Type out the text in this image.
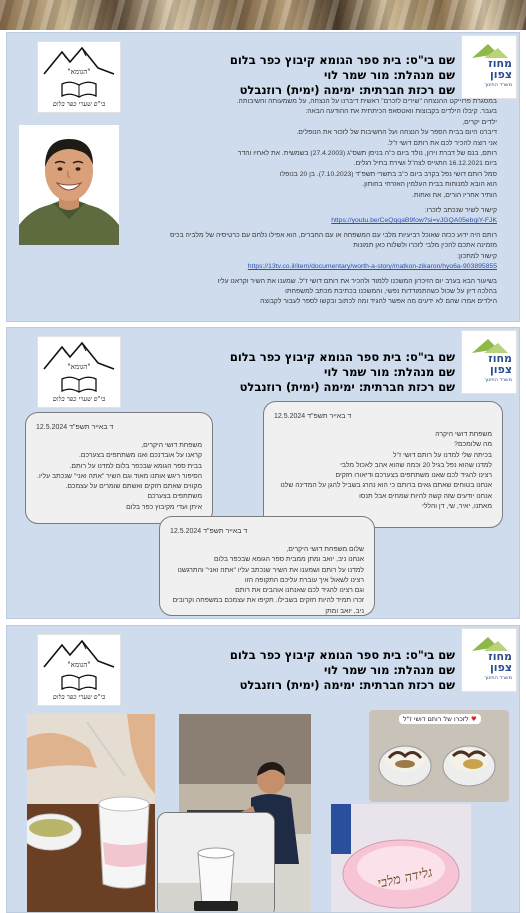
"הגומא"
בי"ס שערי כפר בלום
מחוז
צפון
משרד החינוך
שם בי"ס: בית ספר הגומא קיבוץ כפר בלום
שם מנהלת: מור שמר לוי
שם רכזת חברתית: ימימה (ימית) רוזנבלט
במסגרת פרוייקט ההנצחה "שירים לזכרם" ראשית דיברנו על הנצחה, על משמעותה וחשיבותה.
בעבר. קיבלו הילדים בקבוצות וואטסאפ הכיתתית את ההודעה הבאה:
ילדים יקרים,
דיברנו היום בבית הספר על הנצחה ועל החשיבות של לזכור את הנופלים.
אני רוצה להכיר לכם את רותם דושי ז"ל.
רותם, בנם של דברת וירון, נולד ביום כ"ה בניסן תשס"ג (27.4.2003) בשמשית. את לאחיו והדר
ביום 16.12.2021 התגייס לצה"ל ושירת בחיל רגלים.
סמל רותם דושי נפל בקרב ביום כ"ב בתשרי תשפ"ד (7.10.2023). בן 20 בנופלו
הוא הובא למנוחות בבית העלמין האזרחי בחותון.
הותיר אחריו הורים, אח ואחות.
קישור לשיר שנכתב לזכרו:
https://youtu.be/CeQqqaB9fow?si=vJGQA05ebqiY-FJK
רותם היה ידוע ככזה שאוכל רביעיות מלבי עם המשפחה או עם החברים, הוא אפילו נלחם עם כרטיסיה של מלביה בכיס
מזמינה אתכם להכין מלבי לזכרו ולשלוח כאן תמונות
קישור למתכון:
https://13tv.co.il/item/documentary/worth-a-story/matkon-zikaron/hyo6a-903895855
בשיעור הבא בערב יום הזיכרון המשכנו ללמוד ולהכיר את רותם דושי ז"ל. שמענו את השיר וקראנו עליו
בהלכה דיון על שכול כשהתמודדות נפשי, והמשכנו בכתיבת מכתב למשפחתו
הילדים אמרו שהם לא ידעים מה אפשר להגיד ומה לכתוב ובקשו לספר לעבור לקבוצה
"הגומא"
בי"ס שערי כפר בלום
מחוז
צפון
משרד החינוך
שם בי"ס: בית ספר הגומא קיבוץ כפר בלום
שם מנהלת: מור שמר לוי
שם רכזת חברתית: ימימה (ימית) רוזנבלט
ד באייר תשפ"ד 12.5.2024
משפחת דושי היקרה
מה שלומכם?
בכיתה שלי למדנו על רותם דושי ז"ל
למדנו שהוא נפל בגיל 20 וכמה שהוא אהב לאכול מלבי
רצינו להגיד לכם שאנו משתתפים בצערכם ודיאורו חזקים
אנחנו בטוחים שאתם גאים ברותם כי הוא נהרג בשביל להגן על המדינה שלנו
אנחנו יודעים שזה קשה להיות שמחים אבל תנסו
מאתנו, יאיר, שי, דן והללי
ד באייר תשפ"ד 12.5.2024
משפחת דושי היקרים,
קראנו על אובדנכם ואנו משתתפים בצערכם.
בבית ספר הגומא שבכפר בלום למדנו על רותם.
הסיפור ריגש אותנו מאוד וגם השיר "אתה ואני" שנכתב עליו.
מקווים שאתם חזקים ואשתם שומרים על עצמכם.
משתתפים בצערכם
איתן ועדי מקיבוץ כפר בלום
ד באייר תשפ"ד 12.5.2024
שלום משפחת דושי היקרים,
אנחנו ניב, יואב ומתן ממבית ספר הגומא שבכפר בלום
למדנו על רותם ושמענו את השיר שנכתב עליו "אתה ואני" והתרגשנו
רצינו לשאול איך עוברת עליכם התקופה הזו
וגם רצינו להגיד לכם שאנחנו אוהבים את רותם
זכרו תמיד להיות חזקים בשבילו. תקיפו את עצמכם במשפחה וקרובים
ניב, יואב ומתן
"הגומא"
בי"ס שערי כפר בלום
מחוז
צפון
משרד החינוך
שם בי"ס: בית ספר הגומא קיבוץ כפר בלום
שם מנהלת: מור שמר לוי
שם רכזת חברתית: ימימה (ימית) רוזנבלט
♥ לזכרו של רותם דושי ז"ל
גלידה מלבי
